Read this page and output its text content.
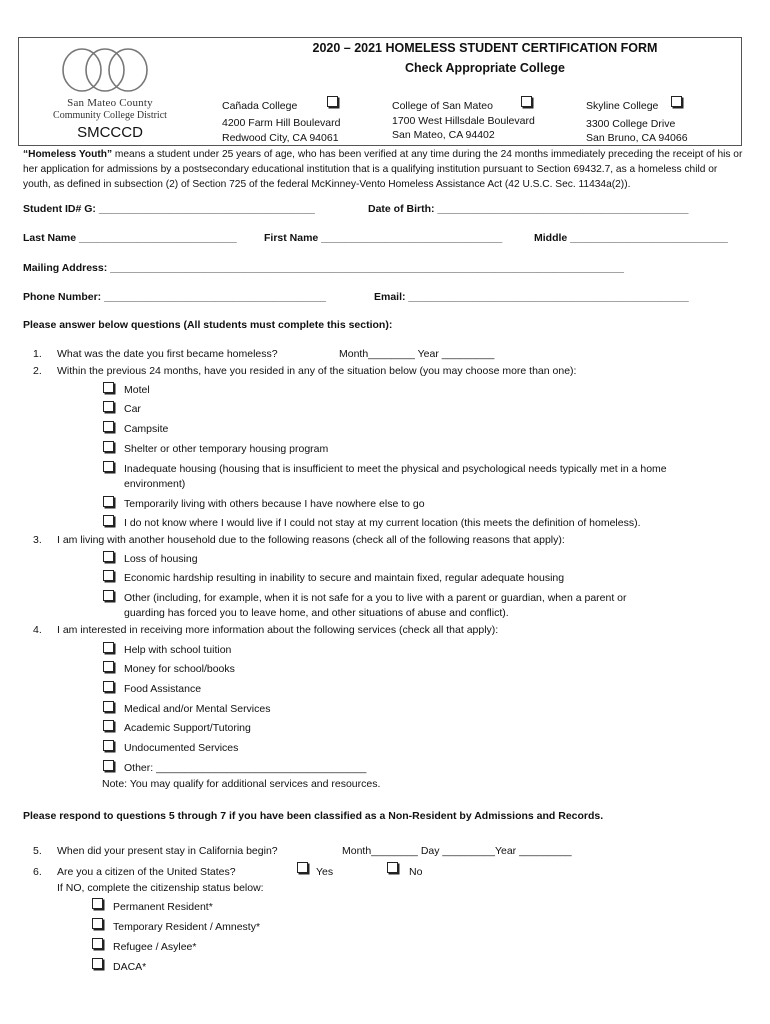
San Mateo County
Community College District
SMCCCD
2020 – 2021 HOMELESS STUDENT CERTIFICATION FORM
Check Appropriate College
Cañada College
4200 Farm Hill Boulevard
Redwood City, CA 94061
College of San Mateo
1700 West Hillsdale Boulevard
San Mateo, CA 94402
Skyline College
3300 College Drive
San Bruno, CA 94066
“Homeless Youth” means a student under 25 years of age, who has been verified at any time during the 24 months immediately preceding the receipt of his or her application for admissions by a postsecondary educational institution that is a qualifying institution pursuant to Section 69432.7, as a homeless child or youth, as defined in subsection (2) of Section 725 of the federal McKinney-Vento Homeless Assistance Act (42 U.S.C. Sec. 11434a(2)).
Student ID# G: _____________________________________	Date of Birth: ___________________________________________
Last Name ___________________________	First Name _______________________________	Middle ___________________________
Mailing Address: ________________________________________________________________________________________
Phone Number: ______________________________________	Email: ________________________________________________
Please answer below questions (All students must complete this section):
1. What was the date you first became homeless?	Month________ Year _________
2. Within the previous 24 months, have you resided in any of the situation below (you may choose more than one):
Motel
Car
Campsite
Shelter or other temporary housing program
Inadequate housing (housing that is insufficient to meet the physical and psychological needs typically met in a home
environment)
Temporarily living with others because I have nowhere else to go
I do not know where I would live if I could not stay at my current location (this meets the definition of homeless).
3. I am living with another household due to the following reasons (check all of the following reasons that apply):
Loss of housing
Economic hardship resulting in inability to secure and maintain fixed, regular adequate housing
Other (including, for example, when it is not safe for a you to live with a parent or guardian, when a parent or
guarding has forced you to leave home, and other situations of abuse and conflict).
4. I am interested in receiving more information about the following services (check all that apply):
Help with school tuition
Money for school/books
Food Assistance
Medical and/or Mental Services
Academic Support/Tutoring
Undocumented Services
Other: ____________________________________
Note: You may qualify for additional services and resources.
Please respond to questions 5 through 7 if you have been classified as a Non-Resident by Admissions and Records.
5. When did your present stay in California begin?	Month________ Day _________Year _________
6. Are you a citizen of the United States?	Yes	No
If NO, complete the citizenship status below:
Permanent Resident*
Temporary Resident / Amnesty*
Refugee / Asylee*
DACA*
